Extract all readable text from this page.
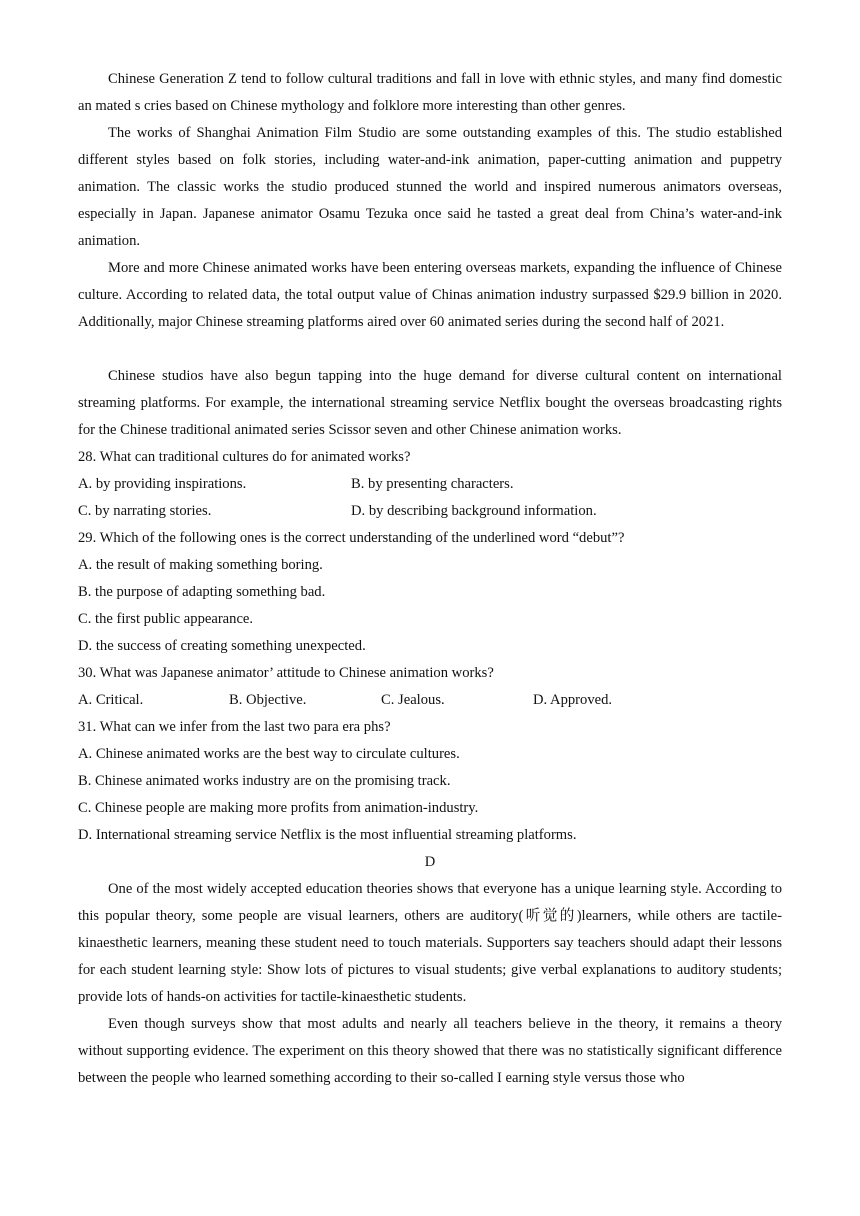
Chinese Generation Z tend to follow cultural traditions and fall in love with ethnic styles, and many find domestic an mated s cries based on Chinese mythology and folklore more interesting than other genres.

The works of Shanghai Animation Film Studio are some outstanding examples of this. The studio established different styles based on folk stories, including water-and-ink animation, paper-cutting animation and puppetry animation. The classic works the studio produced stunned the world and inspired numerous animators overseas, especially in Japan. Japanese animator Osamu Tezuka once said he tasted a great deal from China’s water-and-ink animation.

More and more Chinese animated works have been entering overseas markets, expanding the influence of Chinese culture. According to related data, the total output value of Chinas animation industry surpassed $29.9 billion in 2020. Additionally, major Chinese streaming platforms aired over 60 animated series during the second half of 2021.

Chinese studios have also begun tapping into the huge demand for diverse cultural content on international streaming platforms. For example, the international streaming service Netflix bought the overseas broadcasting rights for the Chinese traditional animated series Scissor seven and other Chinese animation works.

28. What can traditional cultures do for animated works?

A. by providing inspirations.	B. by presenting characters.
C. by narrating stories.	D. by describing background information.

29. Which of the following ones is the correct understanding of the underlined word “debut”?

A. the result of making something boring.

B. the purpose of adapting something bad.

C. the first public appearance.

D. the success of creating something unexpected.

30. What was Japanese animator’ attitude to Chinese animation works?

A. Critical.	B. Objective.	C. Jealous.	D. Approved.

31. What can we infer from the last two para era phs?

A. Chinese animated works are the best way to circulate cultures.

B. Chinese animated works industry are on the promising track.

C. Chinese people are making more profits from animation-industry.

D. International streaming service Netflix is the most influential streaming platforms.

D

One of the most widely accepted education theories shows that everyone has a unique learning style. According to this popular theory, some people are visual learners, others are auditory(听觉的)learners, while others are tactile-kinaesthetic learners, meaning these student need to touch materials. Supporters say teachers should adapt their lessons for each student learning style: Show lots of pictures to visual students; give verbal explanations to auditory students; provide lots of hands-on activities for tactile-kinaesthetic students.

Even though surveys show that most adults and nearly all teachers believe in the theory, it remains a theory without supporting evidence. The experiment on this theory showed that there was no statistically significant difference between the people who learned something according to their so-called I earning style versus those who
